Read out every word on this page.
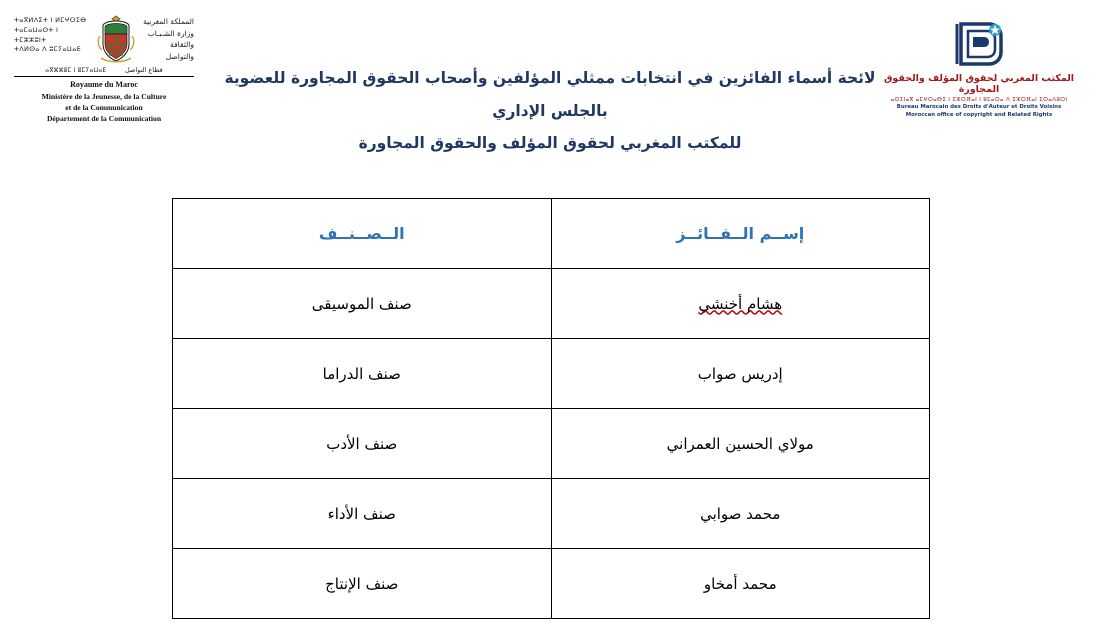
ⵜⴰⴳⵍⴷⵉⵜ ⵏ ⵍⵎⵖⵔⵉⴱ
ⵜⴰⵎⴰⵡⴰⵙⵜ ⵏ ⵜⵎⵣⵣⵓⵏⵜ
ⵜⴷⵍⵙⴰ ⴷ ⵓⵎⵢⴰⵡⴰⴹ
المملكة المغربية
وزارة الشـبـاب
والثقافة والتواصل
ⴰⴳⵣⵣⵓⵎ ⵏ ⵓⵎⵢⴰⵡⴰⴹ	قطاع التواصل
Royaume du Maroc
Ministère de la Jeunesse, de la Culture
et de la Communication
Département de la Communication
لائحة أسماء الفائزين في انتخابات ممثلي المؤلفين وأصحاب الحقوق المجاورة للعضوية بالجلس الإداري
للمكتب المغربي لحقوق المؤلف والحقوق المجاورة
المكتب المغربي لحقوق المؤلف والحقوق المجاورة
ⴰⵙⵉⵏⴰⴳ ⴰⵎⵖⵔⴰⴱⵉ ⵏ ⵉⵣⵔⴼⴰⵏ ⵏ ⵓⵎⴰⵔⴰ ⴷ ⵉⵣⵔⴼⴰⵏ ⵉⵙⴰⴷⵓⵔⵏ
Bureau Marocain des Droits d'Auteur et Droits Voisins
Moroccan office of copyright and Related Rights
إســم الــفــائــز	الــصــنــف
هشام أخنشي	صنف الموسيقى
إدريس صواب	صنف الدراما
مولاي الحسين العمراني	صنف الأدب
محمد صوابي	صنف الأداء
محمد أمخاو	صنف الإنتاج
